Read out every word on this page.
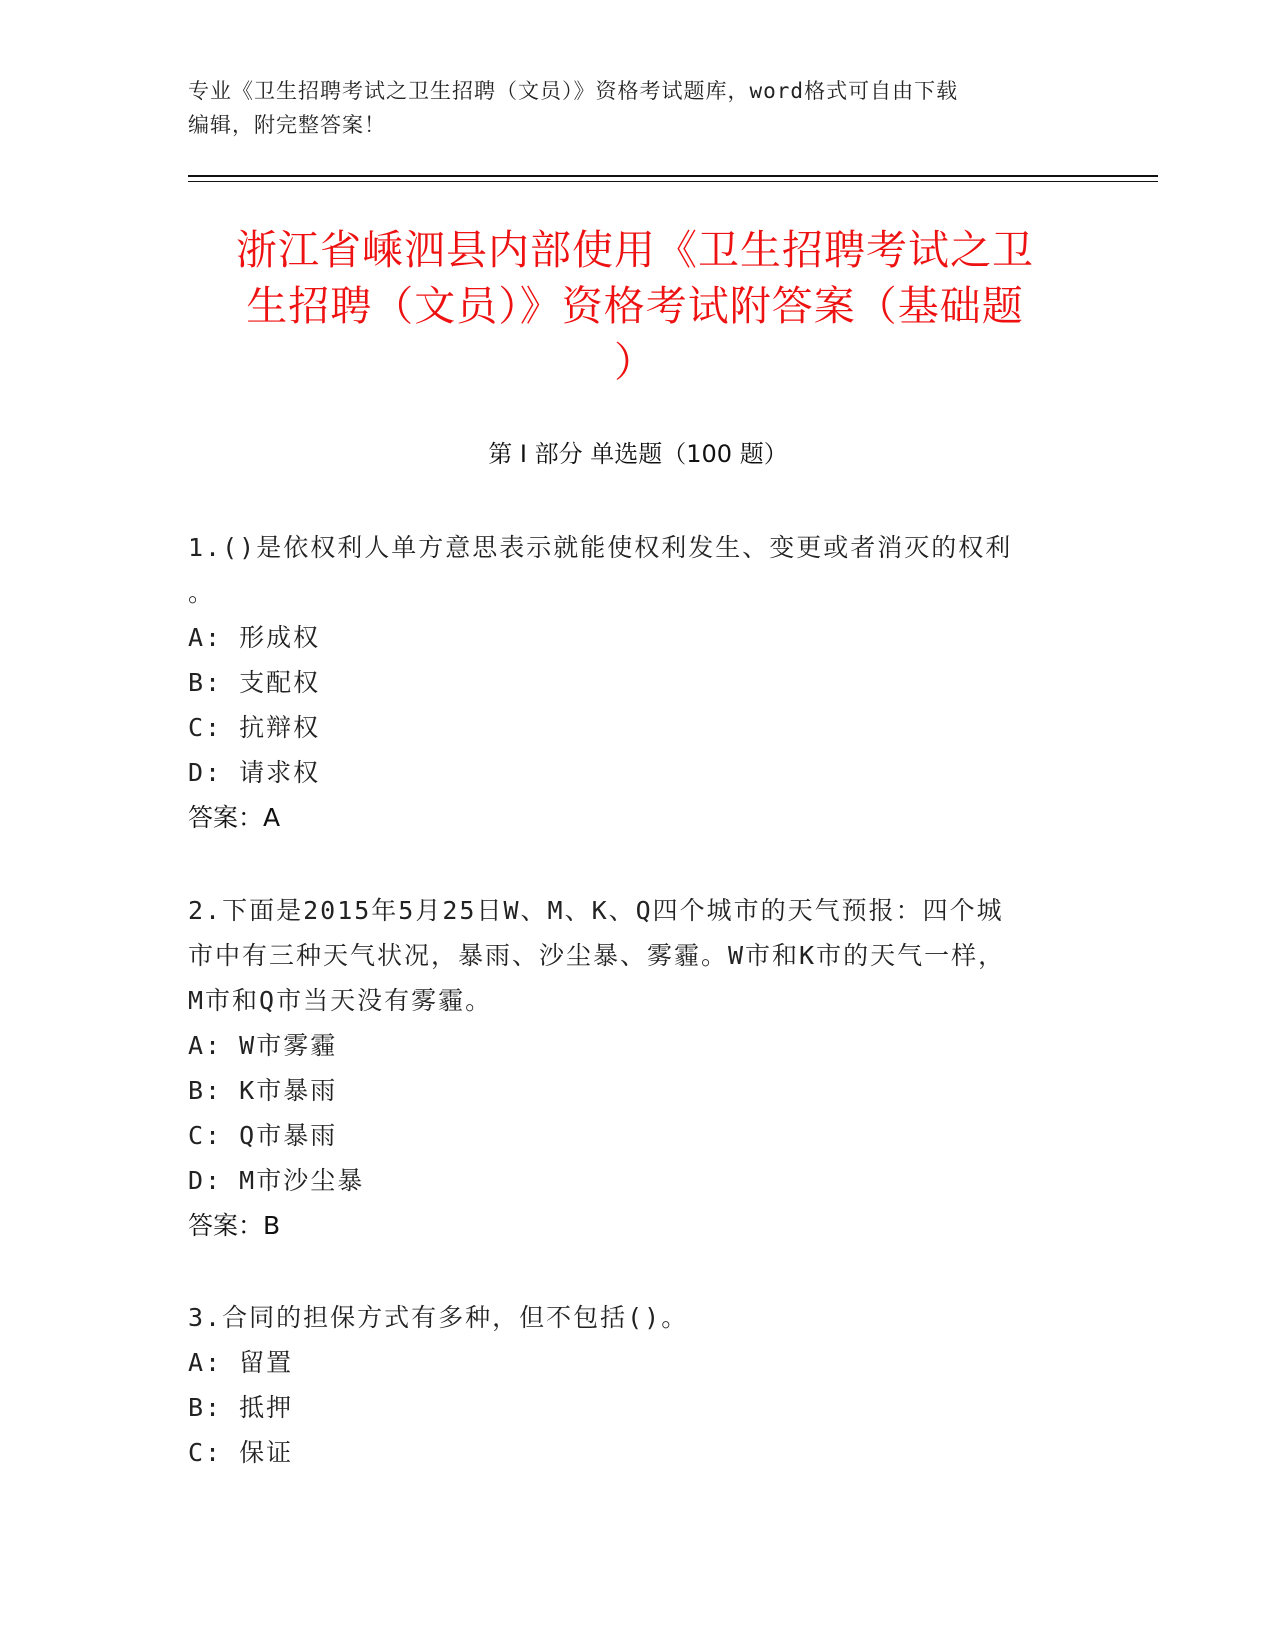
专业《卫生招聘考试之卫生招聘（文员）》资格考试题库，word格式可自由下载
编辑，附完整答案！
浙江省嵊泗县内部使用《卫生招聘考试之卫
生招聘（文员）》资格考试附答案（基础题
）
第 I 部分 单选题（100 题）
1.()是依权利人单方意思表示就能使权利发生、变更或者消灭的权利
。
A: 形成权
B: 支配权
C: 抗辩权
D: 请求权
答案：A
2.下面是2015年5月25日W、M、K、Q四个城市的天气预报：四个城
市中有三种天气状况，暴雨、沙尘暴、雾霾。W市和K市的天气一样，
M市和Q市当天没有雾霾。
A: W市雾霾
B: K市暴雨
C: Q市暴雨
D: M市沙尘暴
答案：B
3.合同的担保方式有多种，但不包括()。
A: 留置
B: 抵押
C: 保证
